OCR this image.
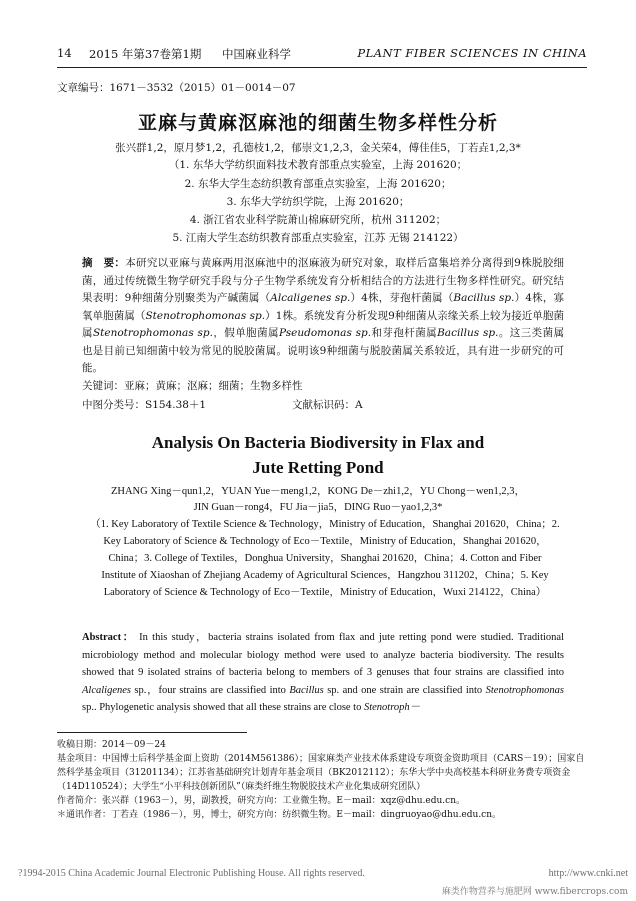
14 2015 年第37卷第1期 中国麻业科学	PLANT FIBER SCIENCES IN CHINA
文章编号：1671－3532（2015）01－0014－07
亚麻与黄麻沤麻池的细菌生物多样性分析
张兴群1,2，原月梦1,2，孔德枝1,2，郁崇文1,2,3，金关荣4，傅佳佳5，丁若垚1,2,3*
（1. 东华大学纺织面料技术教育部重点实验室，上海 201620；
2. 东华大学生态纺织教育部重点实验室，上海 201620；
3. 东华大学纺织学院，上海 201620；
4. 浙江省农业科学院萧山棉麻研究所，杭州 311202；
5. 江南大学生态纺织教育部重点实验室，江苏 无锡 214122）
摘　要：本研究以亚麻与黄麻两用沤麻池中的沤麻液为研究对象，取样后富集培养分离得到9株脱胶细菌，通过传统微生物学研究手段与分子生物学系统发育分析相结合的方法进行生物多样性研究。研究结果表明：9种细菌分别聚类为产碱菌属（Alcaligenes sp.）4株，芽孢杆菌属（Bacillus sp.）4株，寡氧单胞菌属（Stenotrophomonas sp.）1株。系统发育分析发现9种细菌从亲缘关系上较为接近单胞菌属Stenotrophomonas sp.，假单胞菌属Pseudomonas sp.和芽孢杆菌属Bacillus sp.。这三类菌属也是目前已知细菌中较为常见的脱胶菌属。说明该9种细菌与脱胶菌属关系较近，具有进一步研究的可能。
关键词：亚麻；黄麻；沤麻；细菌；生物多样性
中图分类号：S154.38＋1	文献标识码：A
Analysis On Bacteria Biodiversity in Flax and
Jute Retting Pond
ZHANG Xing－qun1,2，YUAN Yue－meng1,2，KONG De－zhi1,2，YU Chong－wen1,2,3，
JIN Guan－rong4，FU Jia－jia5，DING Ruo－yao1,2,3*
（1. Key Laboratory of Textile Science & Technology，Ministry of Education，Shanghai 201620，China；2. Key Laboratory of Science & Technology of Eco－Textile，Ministry of Education，Shanghai 201620，China；3. College of Textiles，Donghua University，Shanghai 201620，China；4. Cotton and Fiber Institute of Xiaoshan of Zhejiang Academy of Agricultural Sciences，Hangzhou 311202，China；5. Key Laboratory of Science & Technology of Eco－Textile，Ministry of Education，Wuxi 214122，China）
Abstract： In this study，bacteria strains isolated from flax and jute retting pond were studied. Traditional microbiology method and molecular biology method were used to analyze bacteria biodiversity. The results showed that 9 isolated strains of bacteria belong to members of 3 genuses that four strains are classified into Alcaligenes sp.，four strains are classified into Bacillus sp. and one strain are classified into Stenotrophomonas sp.. Phylogenetic analysis showed that all these strains are close to Stenotroph－
收稿日期：2014－09－24
基金项目：中国博士后科学基金面上资助（2014M561386）；国家麻类产业技术体系建设专项资金资助项目（CARS－19）；国家自然科学基金项目（31201134）；江苏省基础研究计划青年基金项目（BK2012112）；东华大学中央高校基本科研业务费专项资金（14D110524）；大学生“小平科技创新团队”（麻类纤维生物脱胶技术产业化集成研究团队）
作者简介：张兴群（1963－），男，副教授，研究方向：工业微生物。E－mail：xqz@dhu.edu.cn。
＊通讯作者：丁若垚（1986－），男，博士，研究方向：纺织微生物。E－mail：dingruoyao@dhu.edu.cn。
?1994-2015 China Academic Journal Electronic Publishing House. All rights reserved.	http://www.cnki.net
麻类作物营养与施肥网 www.fibercrops.com
